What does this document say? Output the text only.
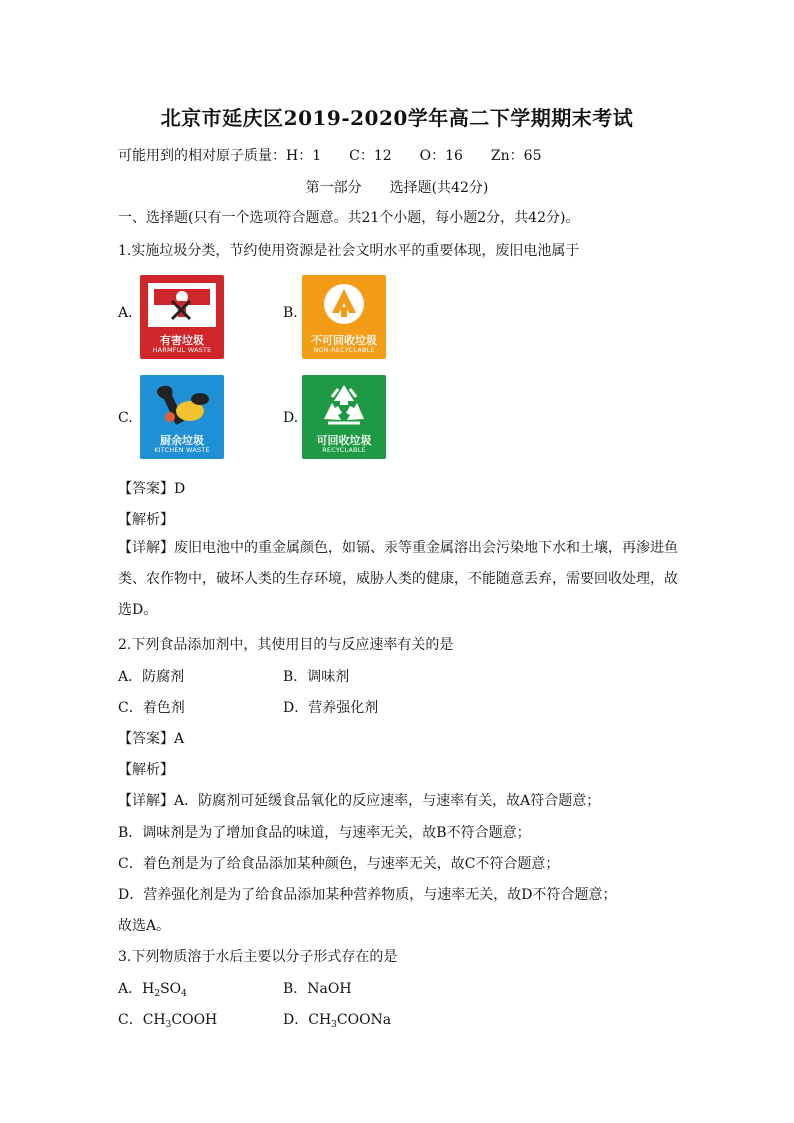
北京市延庆区2019-2020学年高二下学期期末考试
可能用到的相对原子质量：H：1　　C：12　　O：16　　Zn：65
第一部分　　选择题(共42分)
一、选择题(只有一个选项符合题意。共21个小题，每小题2分，共42分)。
1.实施垃圾分类，节约使用资源是社会文明水平的重要体现，废旧电池属于
A.
有害垃圾
HARMFUL WASTE
B.
不可回收垃圾
NON-RECYCLABLE
C.
厨余垃圾
KITCHEN WASTE
D.
可回收垃圾
RECYCLABLE
【答案】D
【解析】
【详解】废旧电池中的重金属颜色，如镉、汞等重金属溶出会污染地下水和土壤，再渗进鱼类、农作物中，破坏人类的生存环境，威胁人类的健康，不能随意丢弃，需要回收处理，故选D。
2.下列食品添加剂中，其使用目的与反应速率有关的是
A．防腐剂	B．调味剂
C．着色剂	D．营养强化剂
【答案】A
【解析】
【详解】A．防腐剂可延缓食品氧化的反应速率，与速率有关，故A符合题意；
B．调味剂是为了增加食品的味道，与速率无关，故B不符合题意；
C．着色剂是为了给食品添加某种颜色，与速率无关，故C不符合题意；
D．营养强化剂是为了给食品添加某种营养物质，与速率无关，故D不符合题意；
故选A。
3.下列物质溶于水后主要以分子形式存在的是
A．$H_2SO_4$	B．NaOH
C．$CH_3COOH$	D．$CH_3COONa$
